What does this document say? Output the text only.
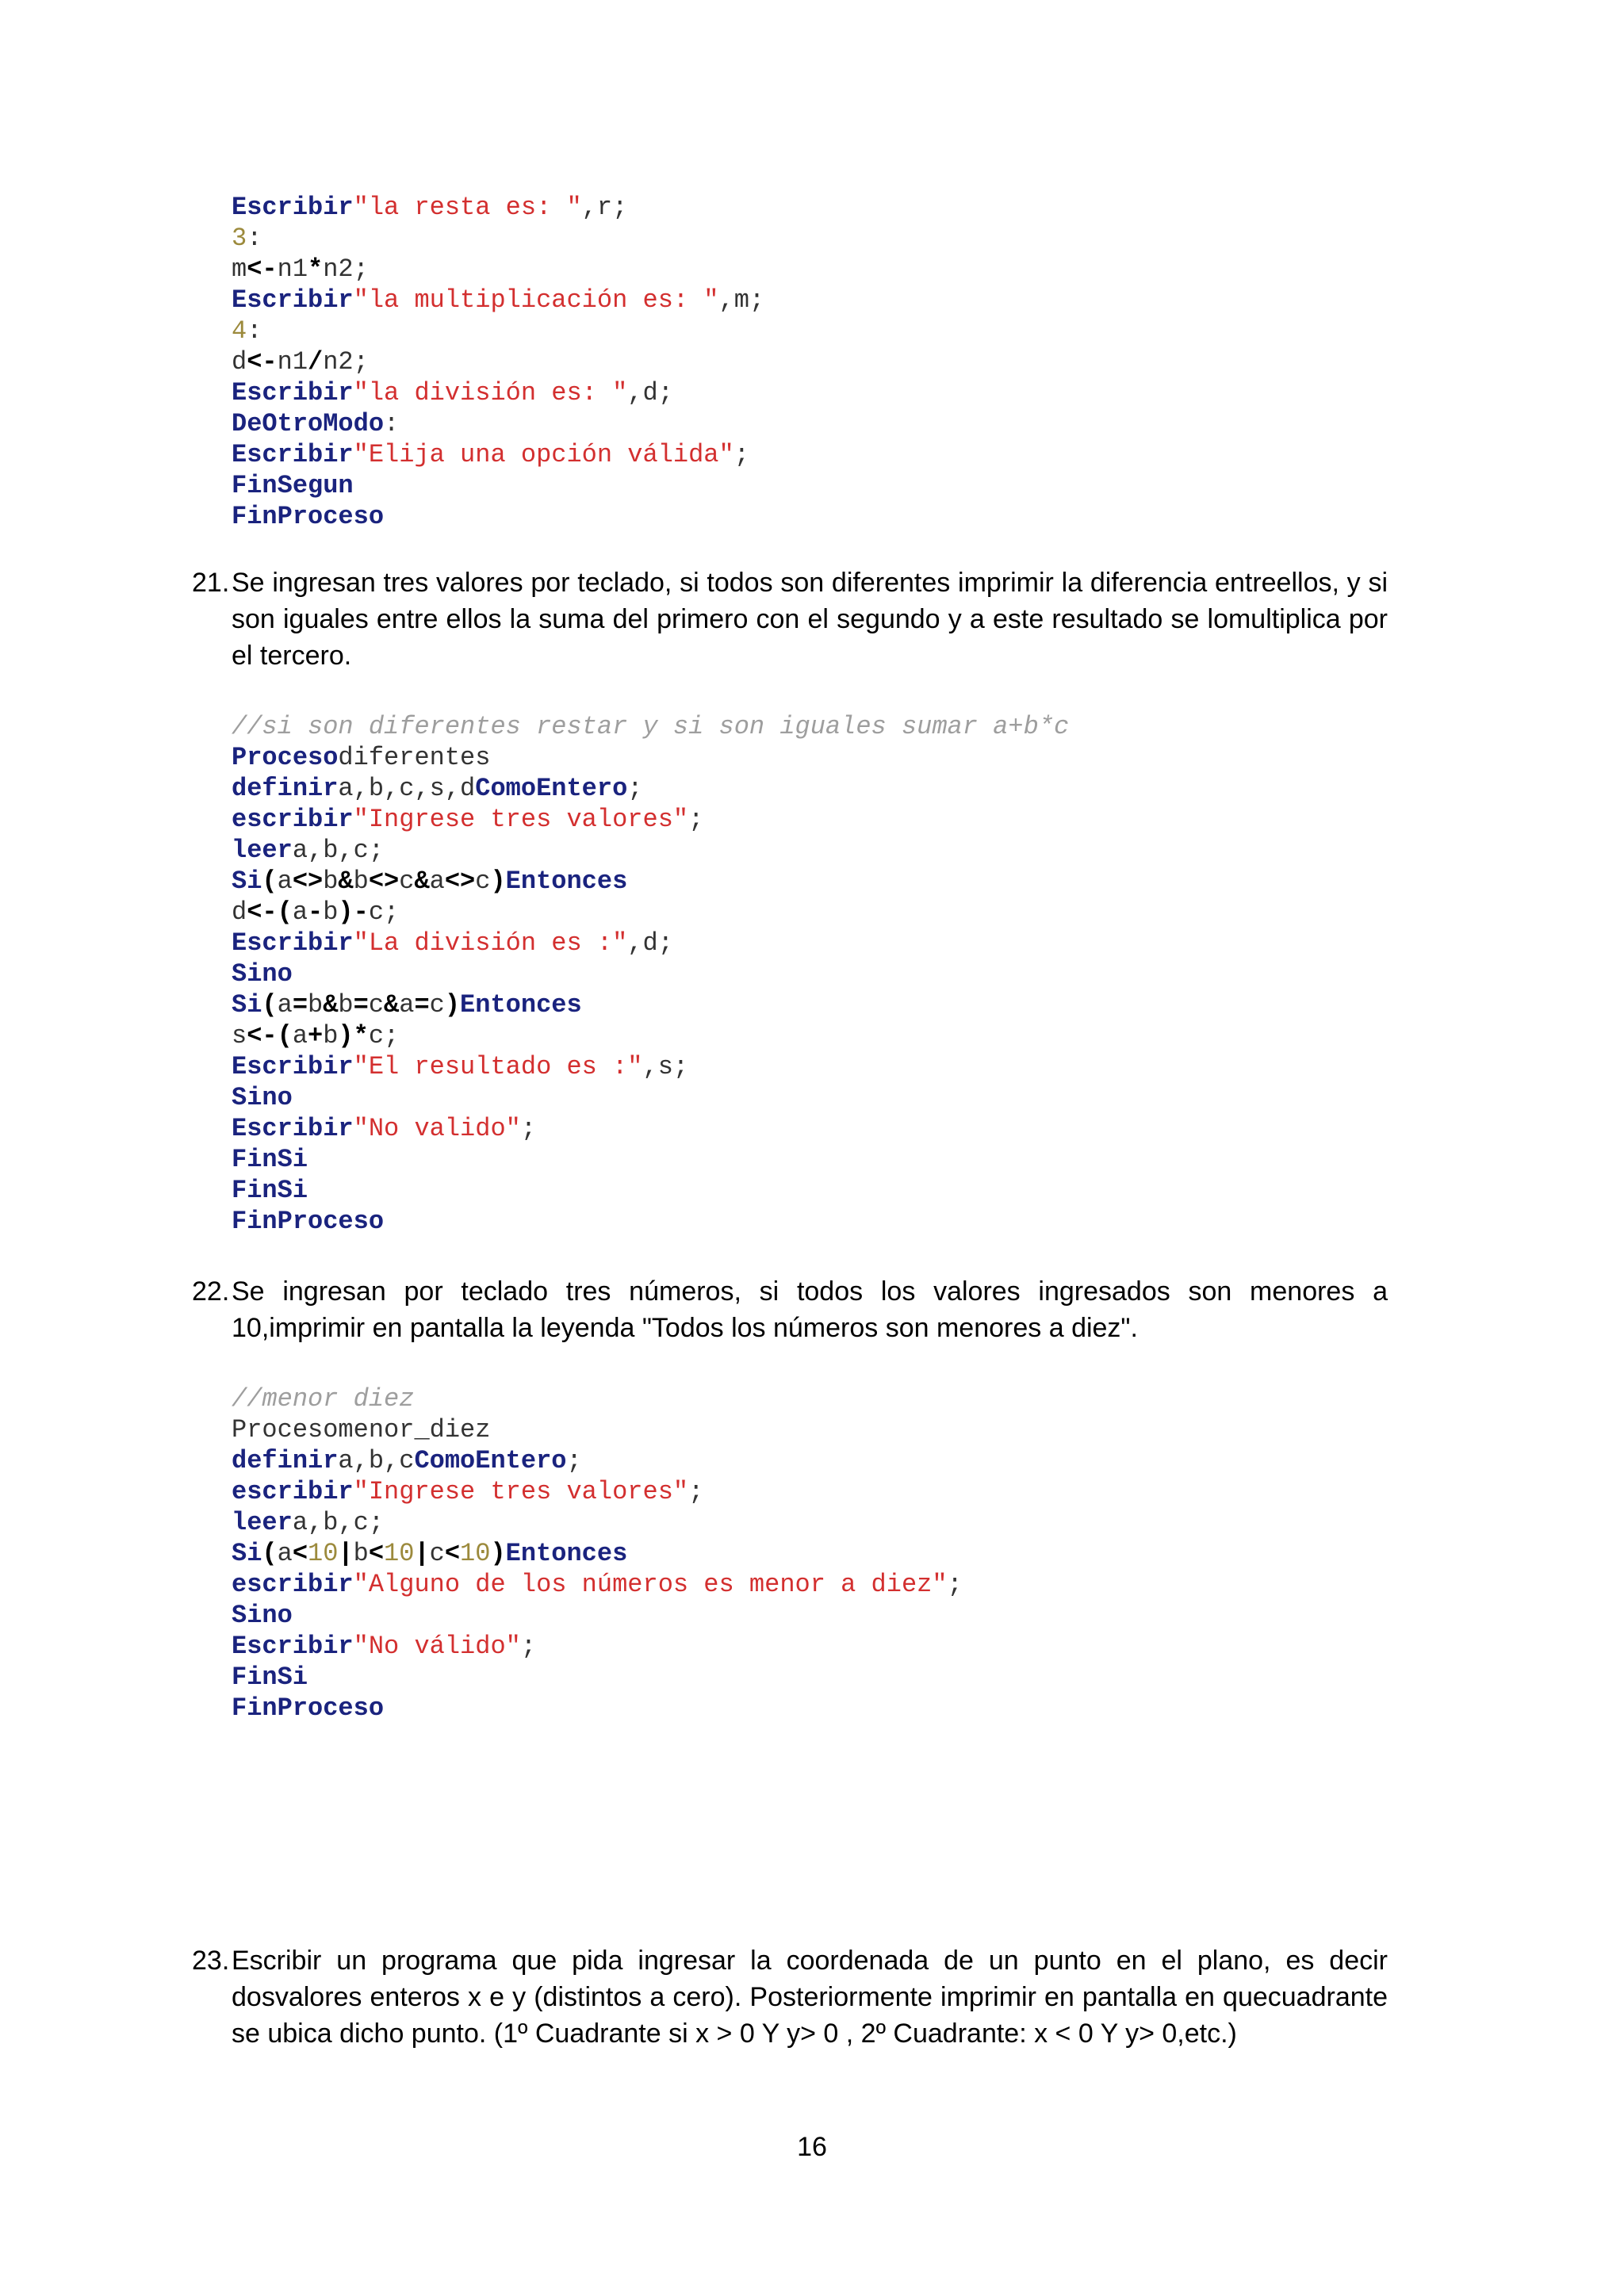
Escribir"la resta es: ",r;
3:
m<-n1*n2;
Escribir"la multiplicación es: ",m;
4:
d<-n1/n2;
Escribir"la división es: ",d;
DeOtroModo:
Escribir"Elija una opción válida";
FinSegun
FinProceso
21. Se ingresan tres valores por teclado, si todos son diferentes imprimir la diferencia entreellos, y si son iguales entre ellos la suma del primero con el segundo y a este resultado se lomultiplica por el tercero.
//si son diferentes restar y si son iguales sumar a+b*c
Procesodiferentes
definira,b,c,s,dComoEntero;
escribir"Ingrese tres valores";
leera,b,c;
Si(a<>b&b<>c&a<>c)Entonces
d<-(a-b)-c;
Escribir"La división es :",d;
Sino
Si(a=b&b=c&a=c)Entonces
s<-(a+b)*c;
Escribir"El resultado es :",s;
Sino
Escribir"No valido";
FinSi
FinSi
FinProceso
22. Se ingresan por teclado tres números, si todos los valores ingresados son menores a 10,imprimir en pantalla la leyenda "Todos los números son menores a diez".
//menor diez
Procesomenor_diez
definira,b,cComoEntero;
escribir"Ingrese tres valores";
leera,b,c;
Si(a<10|b<10|c<10)Entonces
escribir"Alguno de los números es menor a diez";
Sino
Escribir"No válido";
FinSi
FinProceso
23. Escribir un programa que pida ingresar la coordenada de un punto en el plano, es decir dosvalores enteros x e y (distintos a cero). Posteriormente imprimir en pantalla en quecuadrante se ubica dicho punto. (1º Cuadrante si x > 0 Y y> 0 , 2º Cuadrante: x < 0 Y y> 0,etc.)
16
